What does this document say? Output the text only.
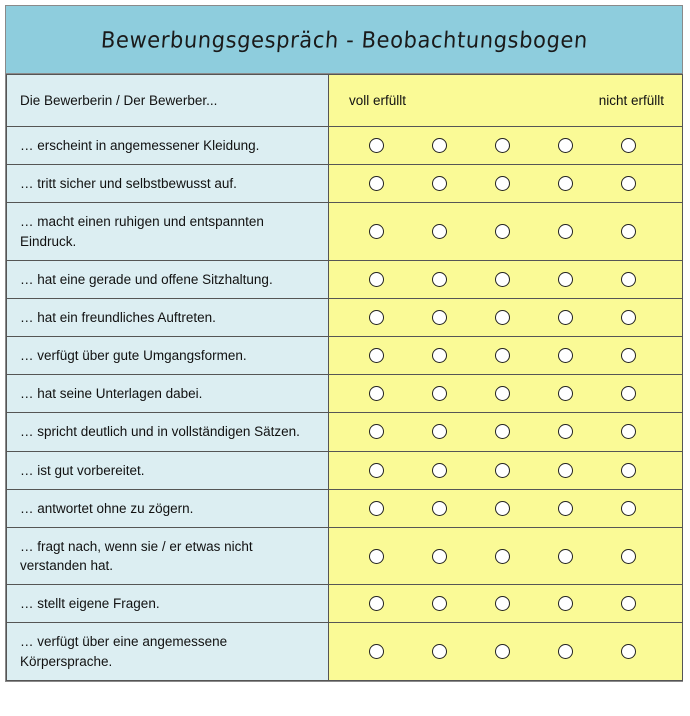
Bewerbungsgespräch - Beobachtungsbogen
Die Bewerberin / Der Bewerber...	voll erfüllt nicht erfüllt

… erscheint in angemessener Kleidung.	

… tritt sicher und selbstbewusst auf.	

… macht einen ruhigen und entspannten Eindruck.	

… hat eine gerade und offene Sitzhaltung.	

… hat ein freundliches Auftreten.	

… verfügt über gute Umgangsformen.	

… hat seine Unterlagen dabei.	

… spricht deutlich und in vollständigen Sätzen.	

… ist gut vorbereitet.	

… antwortet ohne zu zögern.	

… fragt nach, wenn sie / er etwas nicht verstanden hat.	

… stellt eigene Fragen.	

… verfügt über eine angemessene Körpersprache.	
